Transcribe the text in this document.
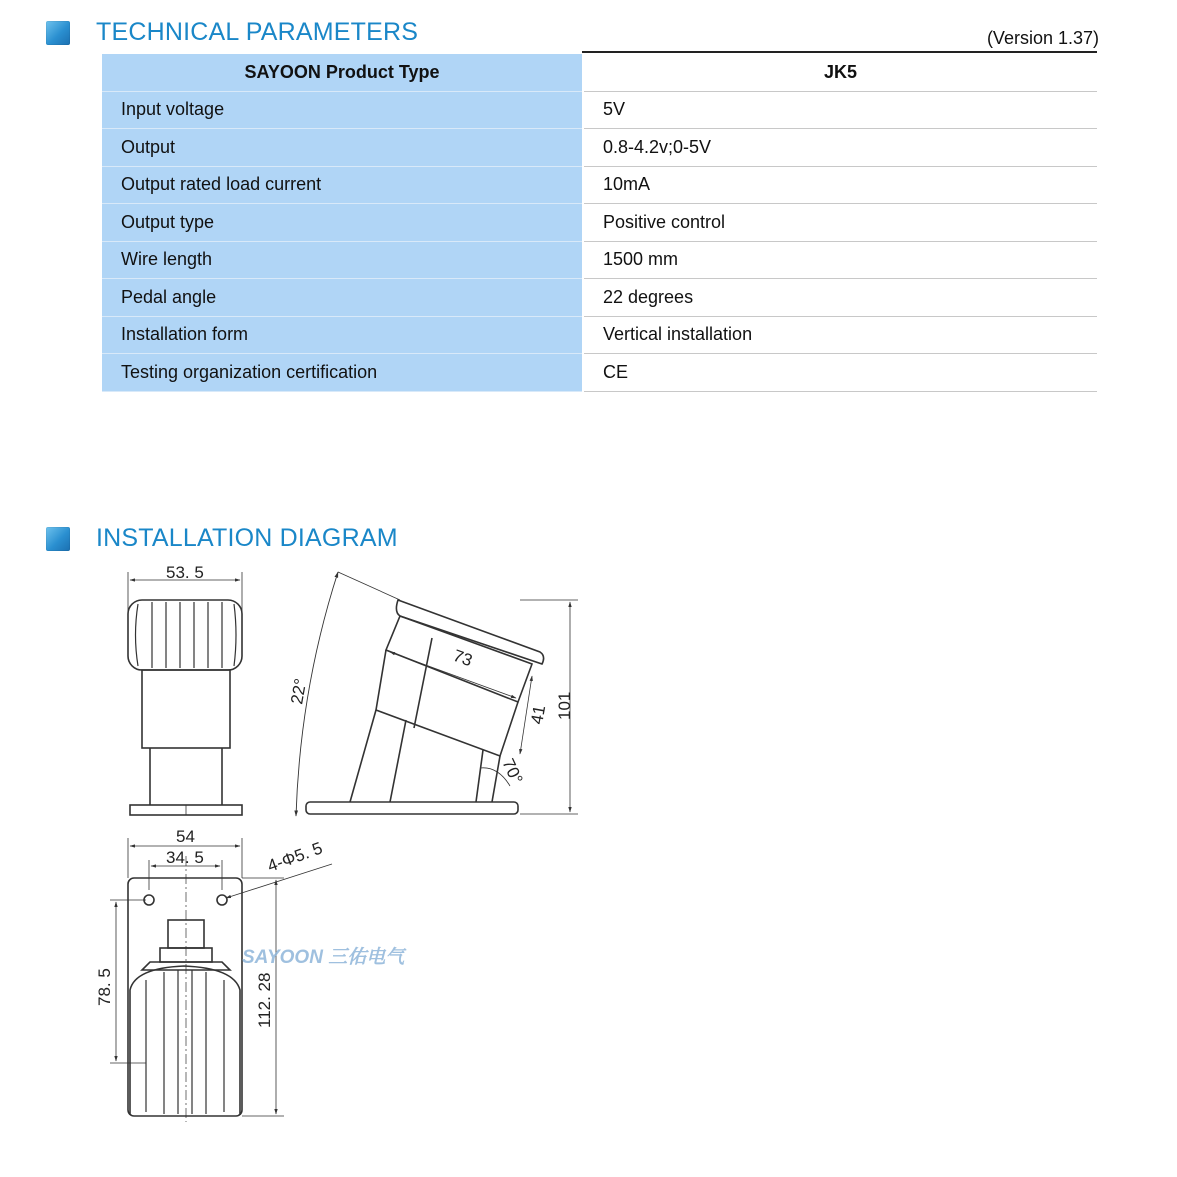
TECHNICAL PARAMETERS	(Version 1.37)
SAYOON Product Type	JK5
Input voltage	5V
Output	0.8-4.2v;0-5V
Output rated load current	10mA
Output type	Positive control
Wire length	1500 mm
Pedal angle	22 degrees
Installation form	Vertical installation
Testing organization certification	CE
INSTALLATION DIAGRAM
53. 5
22°
73
41 101
70°
54
34. 5	4-Φ5. 5
78. 5	112. 28
SAYOON 三佑电气
